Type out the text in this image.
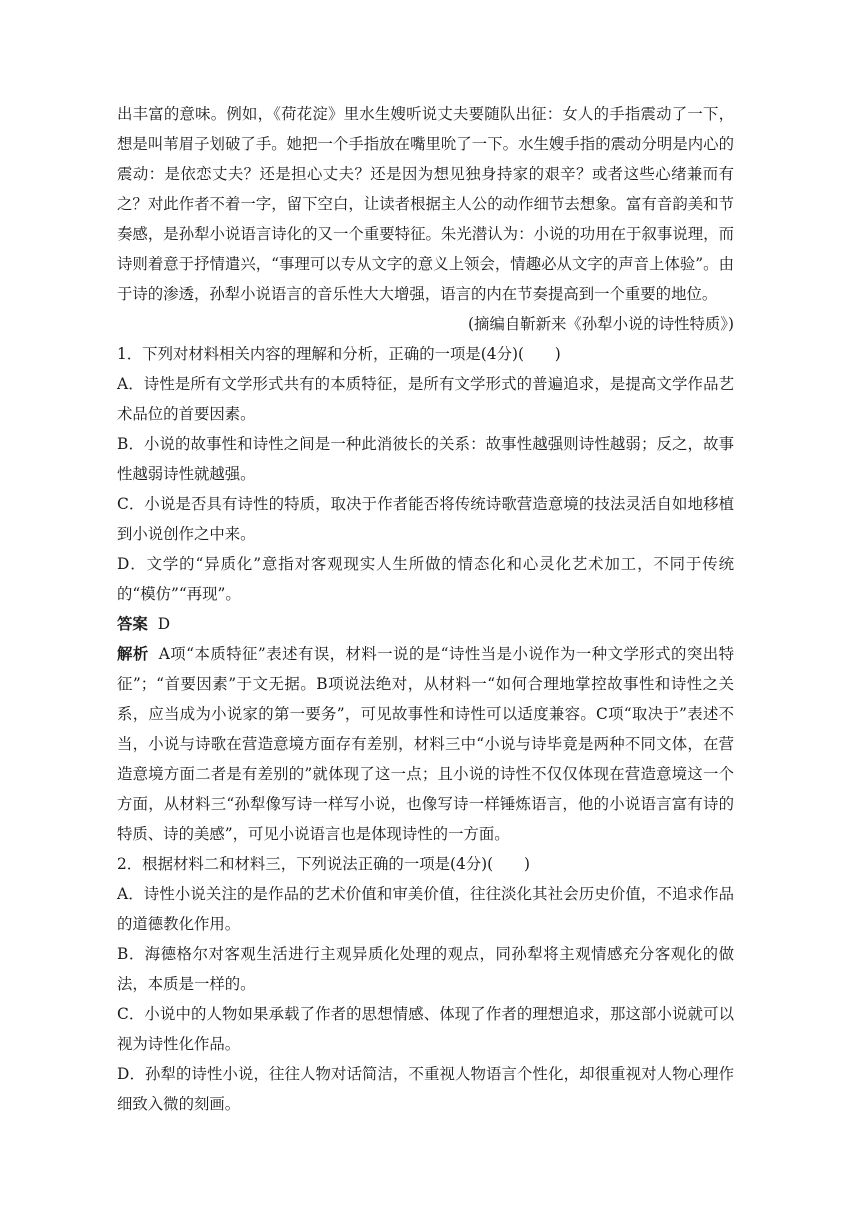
出丰富的意味。例如，《荷花淀》里水生嫂听说丈夫要随队出征：女人的手指震动了一下，想是叫苇眉子划破了手。她把一个手指放在嘴里吮了一下。水生嫂手指的震动分明是内心的震动：是依恋丈夫？还是担心丈夫？还是因为想见独身持家的艰辛？或者这些心绪兼而有之？对此作者不着一字，留下空白，让读者根据主人公的动作细节去想象。富有音韵美和节奏感，是孙犁小说语言诗化的又一个重要特征。朱光潜认为：小说的功用在于叙事说理，而诗则着意于抒情遣兴，“事理可以专从文字的意义上领会，情趣必从文字的声音上体验”。由于诗的渗透，孙犁小说语言的音乐性大大增强，语言的内在节奏提高到一个重要的地位。

(摘编自靳新来《孙犁小说的诗性特质》)

1．下列对材料相关内容的理解和分析，正确的一项是(4分)(　　)

A．诗性是所有文学形式共有的本质特征，是所有文学形式的普遍追求，是提高文学作品艺术品位的首要因素。

B．小说的故事性和诗性之间是一种此消彼长的关系：故事性越强则诗性越弱；反之，故事性越弱诗性就越强。

C．小说是否具有诗性的特质，取决于作者能否将传统诗歌营造意境的技法灵活自如地移植到小说创作之中来。

D．文学的“异质化”意指对客观现实人生所做的情态化和心灵化艺术加工，不同于传统的“模仿”“再现”。

答案 D

解析 A项“本质特征”表述有误，材料一说的是“诗性当是小说作为一种文学形式的突出特征”；“首要因素”于文无据。B项说法绝对，从材料一“如何合理地掌控故事性和诗性之关系，应当成为小说家的第一要务”，可见故事性和诗性可以适度兼容。C项“取决于”表述不当，小说与诗歌在营造意境方面存有差别，材料三中“小说与诗毕竟是两种不同文体，在营造意境方面二者是有差别的”就体现了这一点；且小说的诗性不仅仅体现在营造意境这一个方面，从材料三“孙犁像写诗一样写小说，也像写诗一样锤炼语言，他的小说语言富有诗的特质、诗的美感”，可见小说语言也是体现诗性的一方面。

2．根据材料二和材料三，下列说法正确的一项是(4分)(　　)

A．诗性小说关注的是作品的艺术价值和审美价值，往往淡化其社会历史价值，不追求作品的道德教化作用。

B．海德格尔对客观生活进行主观异质化处理的观点，同孙犁将主观情感充分客观化的做法，本质是一样的。

C．小说中的人物如果承载了作者的思想情感、体现了作者的理想追求，那这部小说就可以视为诗性化作品。

D．孙犁的诗性小说，往往人物对话简洁，不重视人物语言个性化，却很重视对人物心理作细致入微的刻画。
